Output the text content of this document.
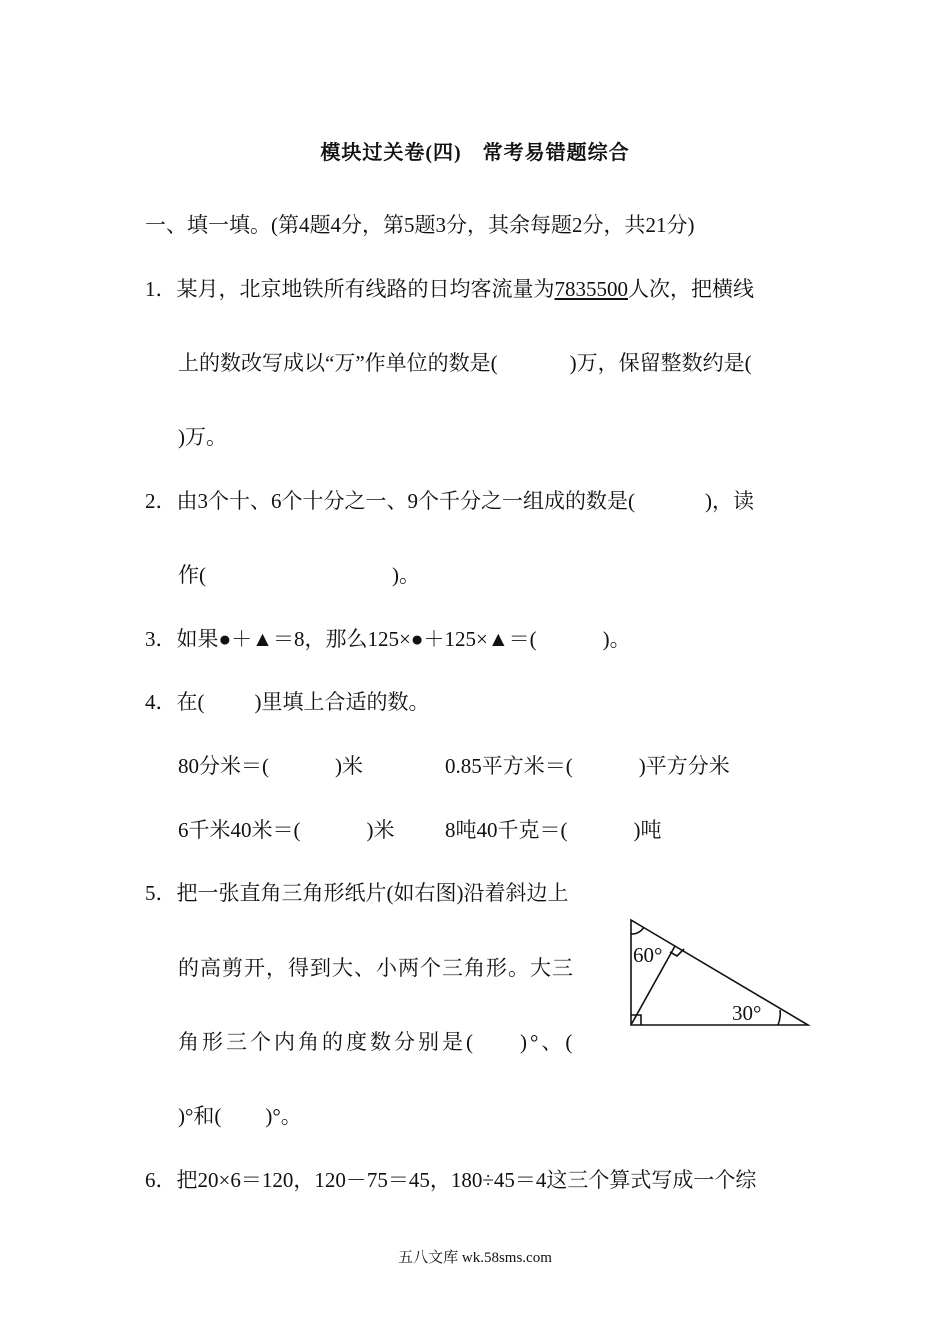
模块过关卷(四)　常考易错题综合
一、填一填。(第4题4分，第5题3分，其余每题2分，共21分)
1．某月，北京地铁所有线路的日均客流量为7835500人次，把横线
上的数改写成以“万”作单位的数是(	)万，保留整数约是(
)万。
2．由3个十、6个十分之一、9个千分之一组成的数是(	)，读
作(	)。
3．如果●＋▲＝8，那么125×●＋125×▲＝(	)。
4．在( )里填上合适的数。
80分米＝(	)米	0.85平方米＝(	)平方分米
6千米40米＝(	)米 8吨40千克＝(	)吨
5．把一张直角三角形纸片(如右图)沿着斜边上
的高剪开，得到大、小两个三角形。大三
角形三个内角的度数分别是( )°、(
)°和( )°。
60°
30°
6．把20×6＝120，120－75＝45，180÷45＝4这三个算式写成一个综
五八文库 wk.58sms.com
